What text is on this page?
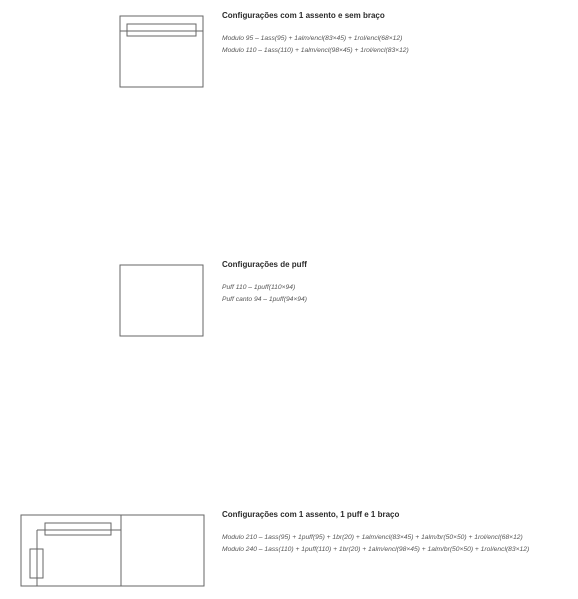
Configurações com 1 assento e sem braço
Modulo 95 – 1ass(95) + 1alm/encl(83×45) + 1rol/encl(68×12)
Modulo 110 – 1ass(110) + 1alm/encl(98×45) + 1rol/encl(83×12)
Configurações de puff
Puff 110 – 1puff(110×94)
Puff canto 94 – 1puff(94×94)
Configurações com 1 assento, 1 puff e 1 braço
Modulo 210 – 1ass(95) + 1puff(95) + 1br(20) + 1alm/encl(83×45) + 1alm/br(50×50) + 1rol/encl(68×12)
Modulo 240 – 1ass(110) + 1puff(110) + 1br(20) + 1alm/encl(98×45) + 1alm/br(50×50) + 1rol/encl(83×12)
